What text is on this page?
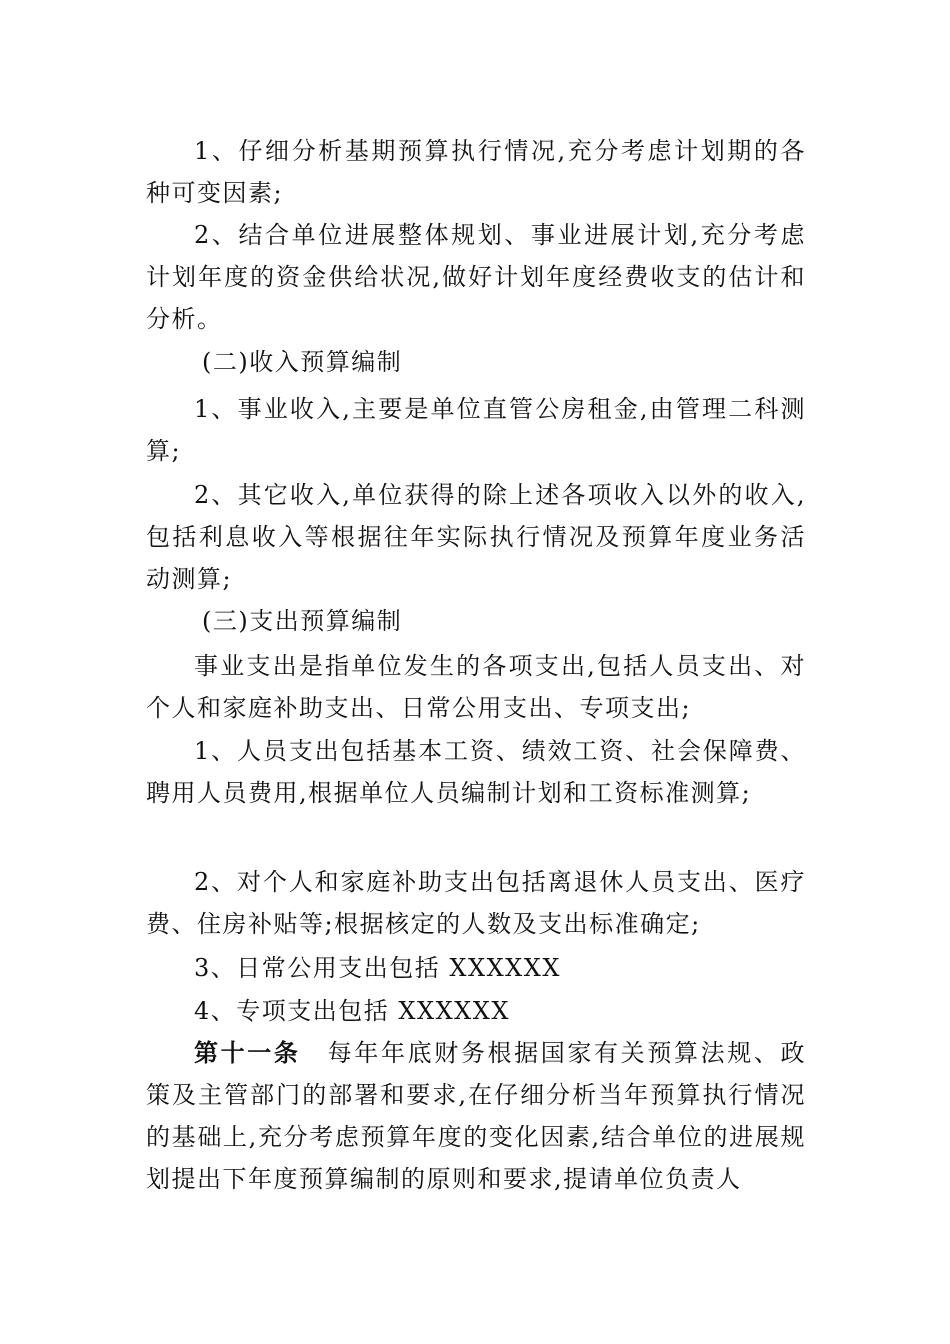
1、仔细分析基期预算执行情况,充分考虑计划期的各种可变因素;

2、结合单位进展整体规划、事业进展计划,充分考虑计划年度的资金供给状况,做好计划年度经费收支的估计和分析。

(二)收入预算编制

1、事业收入,主要是单位直管公房租金,由管理二科测算;

2、其它收入,单位获得的除上述各项收入以外的收入,包括利息收入等根据往年实际执行情况及预算年度业务活动测算;

(三)支出预算编制

事业支出是指单位发生的各项支出,包括人员支出、对个人和家庭补助支出、日常公用支出、专项支出;

1、人员支出包括基本工资、绩效工资、社会保障费、聘用人员费用,根据单位人员编制计划和工资标准测算;

2、对个人和家庭补助支出包括离退休人员支出、医疗费、住房补贴等;根据核定的人数及支出标准确定;

3、日常公用支出包括 XXXXXX

4、专项支出包括 XXXXXX

第十一条 每年年底财务根据国家有关预算法规、政策及主管部门的部署和要求,在仔细分析当年预算执行情况的基础上,充分考虑预算年度的变化因素,结合单位的进展规划提出下年度预算编制的原则和要求,提请单位负责人
